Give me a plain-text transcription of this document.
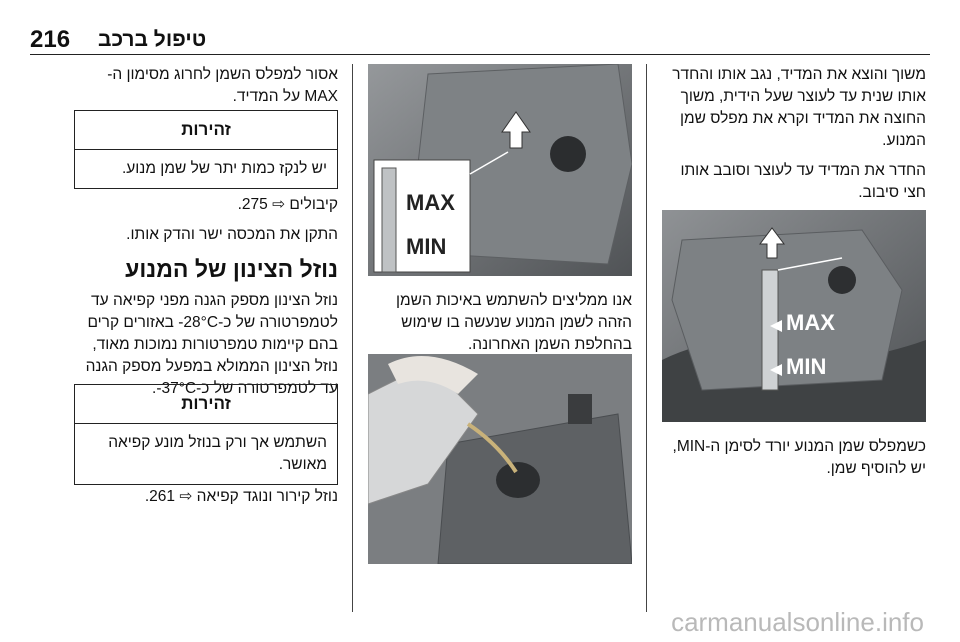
216 טיפול ברכב

משוך והוצא את המדיד, נגב אותו והחדר אותו שנית עד לעוצר שעל הידית, משוך החוצה את המדיד וקרא את מפלס שמן המנוע.

החדר את המדיד עד לעוצר וסובב אותו חצי סיבוב.

MAX
MIN
כשמפלס שמן המנוע יורד לסימן ה-MIN, יש להוסיף שמן.
MAX
MIN
אנו ממליצים להשתמש באיכות השמן הזהה לשמן המנוע שנעשה בו שימוש בהחלפת השמן האחרונה.
אסור למפלס השמן לחרוג מסימון ה-MAX על המדיד.
זהירות
יש לנקז כמות יתר של שמן מנוע.

קיבולים ⇨ 275.

התקן את המכסה ישר והדק אותו.

נוזל הצינון של המנוע

נוזל הצינון מספק הגנה מפני קפיאה עד לטמפרטורה של כ-28°C- באזורים קרים בהם קיימות טמפרטורות נמוכות מאוד, נוזל הצינון הממולא במפעל מספק הגנה עד לטמפרטורה של כ-37°C-.

זהירות
השתמש אך ורק בנוזל מונע קפיאה מאושר.
נוזל קירור ונוגד קפיאה ⇨ 261.
carmanualsonline.info
